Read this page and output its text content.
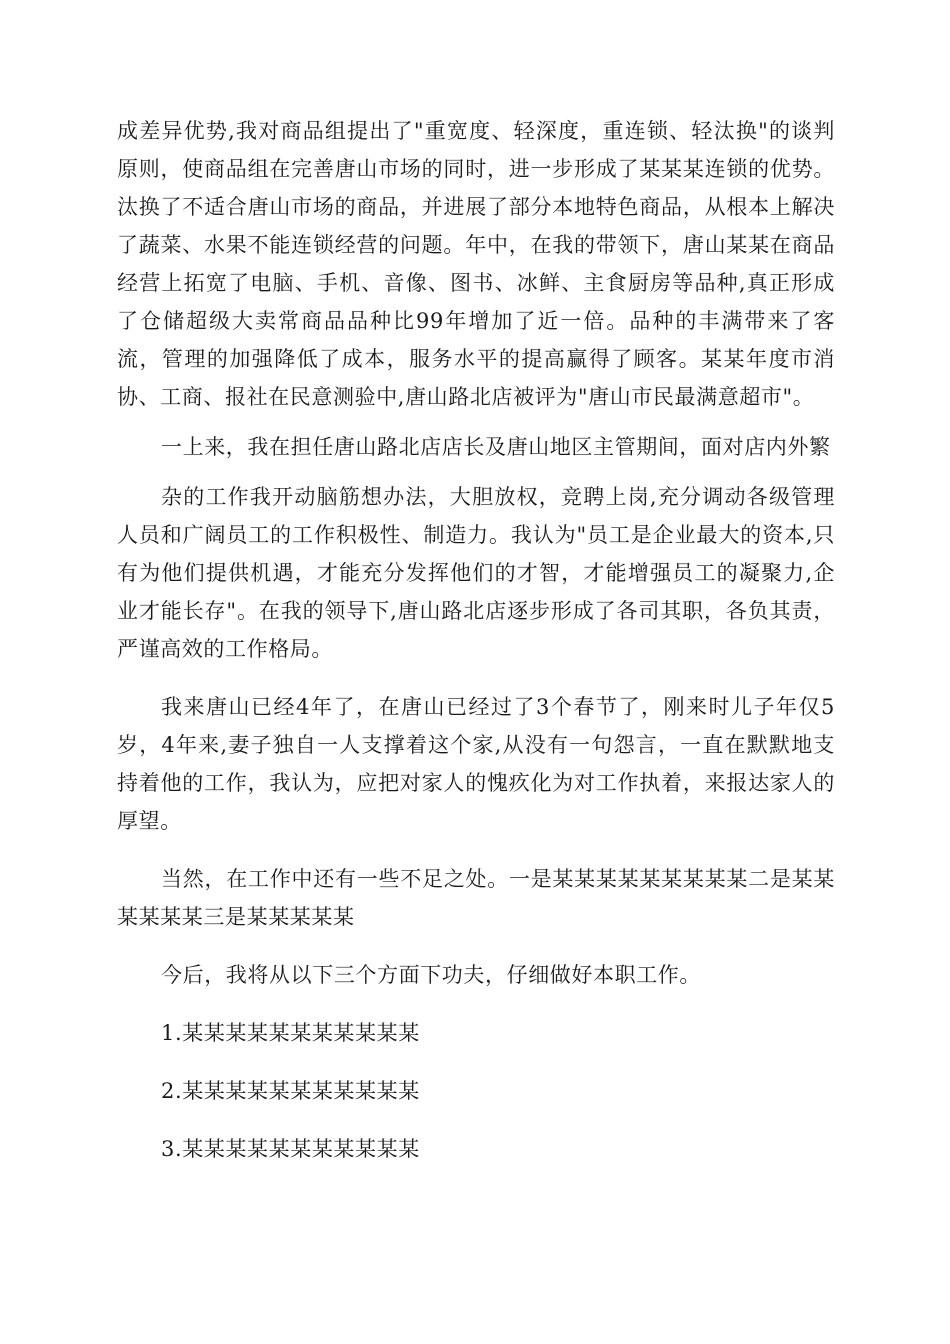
成差异优势,我对商品组提出了"重宽度、轻深度，重连锁、轻汰换"的谈判原则，使商品组在完善唐山市场的同时，进一步形成了某某某连锁的优势。汰换了不适合唐山市场的商品，并进展了部分本地特色商品，从根本上解决了蔬菜、水果不能连锁经营的问题。年中，在我的带领下，唐山某某在商品经营上拓宽了电脑、手机、音像、图书、冰鲜、主食厨房等品种,真正形成了仓储超级大卖常商品品种比99年增加了近一倍。品种的丰满带来了客流，管理的加强降低了成本，服务水平的提高赢得了顾客。某某年度市消协、工商、报社在民意测验中,唐山路北店被评为"唐山市民最满意超市"。

一上来，我在担任唐山路北店店长及唐山地区主管期间，面对店内外繁

杂的工作我开动脑筋想办法，大胆放权，竞聘上岗,充分调动各级管理人员和广阔员工的工作积极性、制造力。我认为"员工是企业最大的资本,只有为他们提供机遇，才能充分发挥他们的才智，才能增强员工的凝聚力,企业才能长存"。在我的领导下,唐山路北店逐步形成了各司其职，各负其责，严谨高效的工作格局。

我来唐山已经4年了，在唐山已经过了3个春节了，刚来时儿子年仅5岁，4年来,妻子独自一人支撑着这个家,从没有一句怨言，一直在默默地支持着他的工作，我认为，应把对家人的愧疚化为对工作执着，来报达家人的厚望。

当然，在工作中还有一些不足之处。一是某某某某某某某某某二是某某某某某某三是某某某某某

今后，我将从以下三个方面下功夫，仔细做好本职工作。

1.某某某某某某某某某某某

2.某某某某某某某某某某某

3.某某某某某某某某某某某
